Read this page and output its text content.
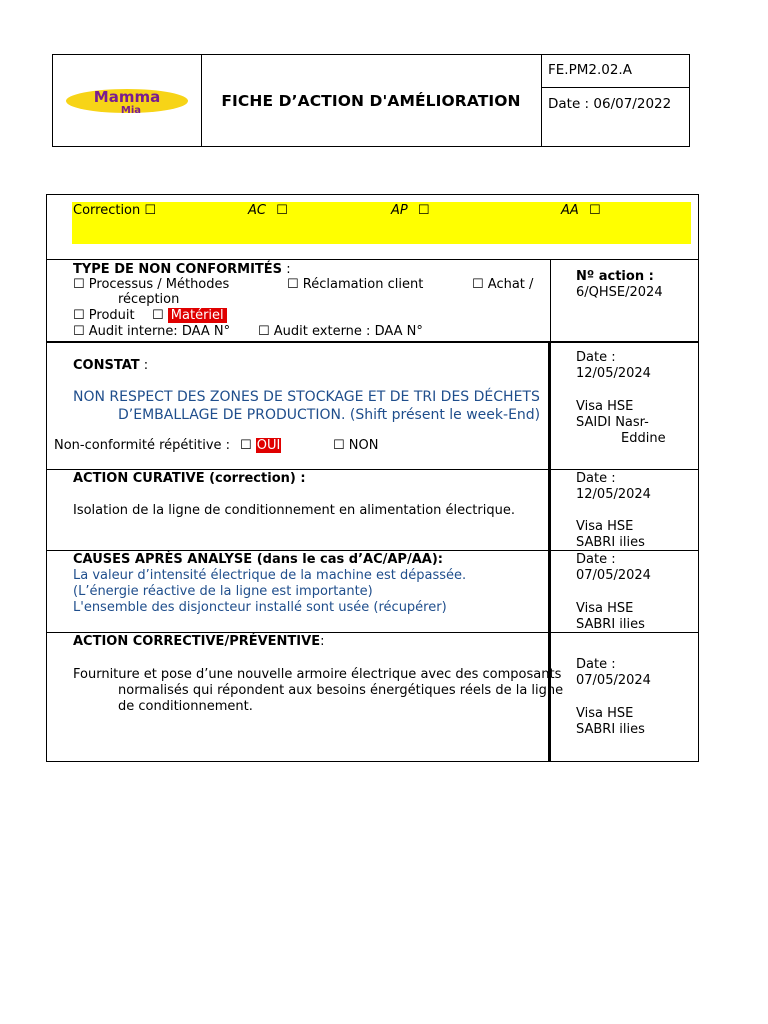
Mamma
Mia
FICHE D’ACTION D'AMÉLIORATION
FE.PM2.02.A
Date : 06/07/2022
Correction ☐	AC ☐	AP ☐	AA ☐
TYPE DE NON CONFORMITÉS :
☐ Processus / Méthodes	☐ Réclamation client	☐ Achat /
réception
☐ Produit ☐ Matériel
☐ Audit interne: DAA N° ☐ Audit externe : DAA N°
Nº action :
6/QHSE/2024
CONSTAT :
NON RESPECT DES ZONES DE STOCKAGE ET DE TRI DES DÉCHETS
D’EMBALLAGE DE PRODUCTION. (Shift présent le week-End)
Non-conformité répétitive : ☐ OUI	☐ NON
Date :
12/05/2024
Visa HSE
SAIDI Nasr-
Eddine
ACTION CURATIVE (correction) :
Isolation de la ligne de conditionnement en alimentation électrique.
Date :
12/05/2024
Visa HSE
SABRI ilies
CAUSES APRÈS ANALYSE (dans le cas d’AC/AP/AA):
La valeur d’intensité électrique de la machine est dépassée.
(L’énergie réactive de la ligne est importante)
L'ensemble des disjoncteur installé sont usée (récupérer)
Date :
07/05/2024
Visa HSE
SABRI ilies
ACTION CORRECTIVE/PRÉVENTIVE:
Fourniture et pose d’une nouvelle armoire électrique avec des composants
normalisés qui répondent aux besoins énergétiques réels de la ligne
de conditionnement.
Date :
07/05/2024
Visa HSE
SABRI ilies
